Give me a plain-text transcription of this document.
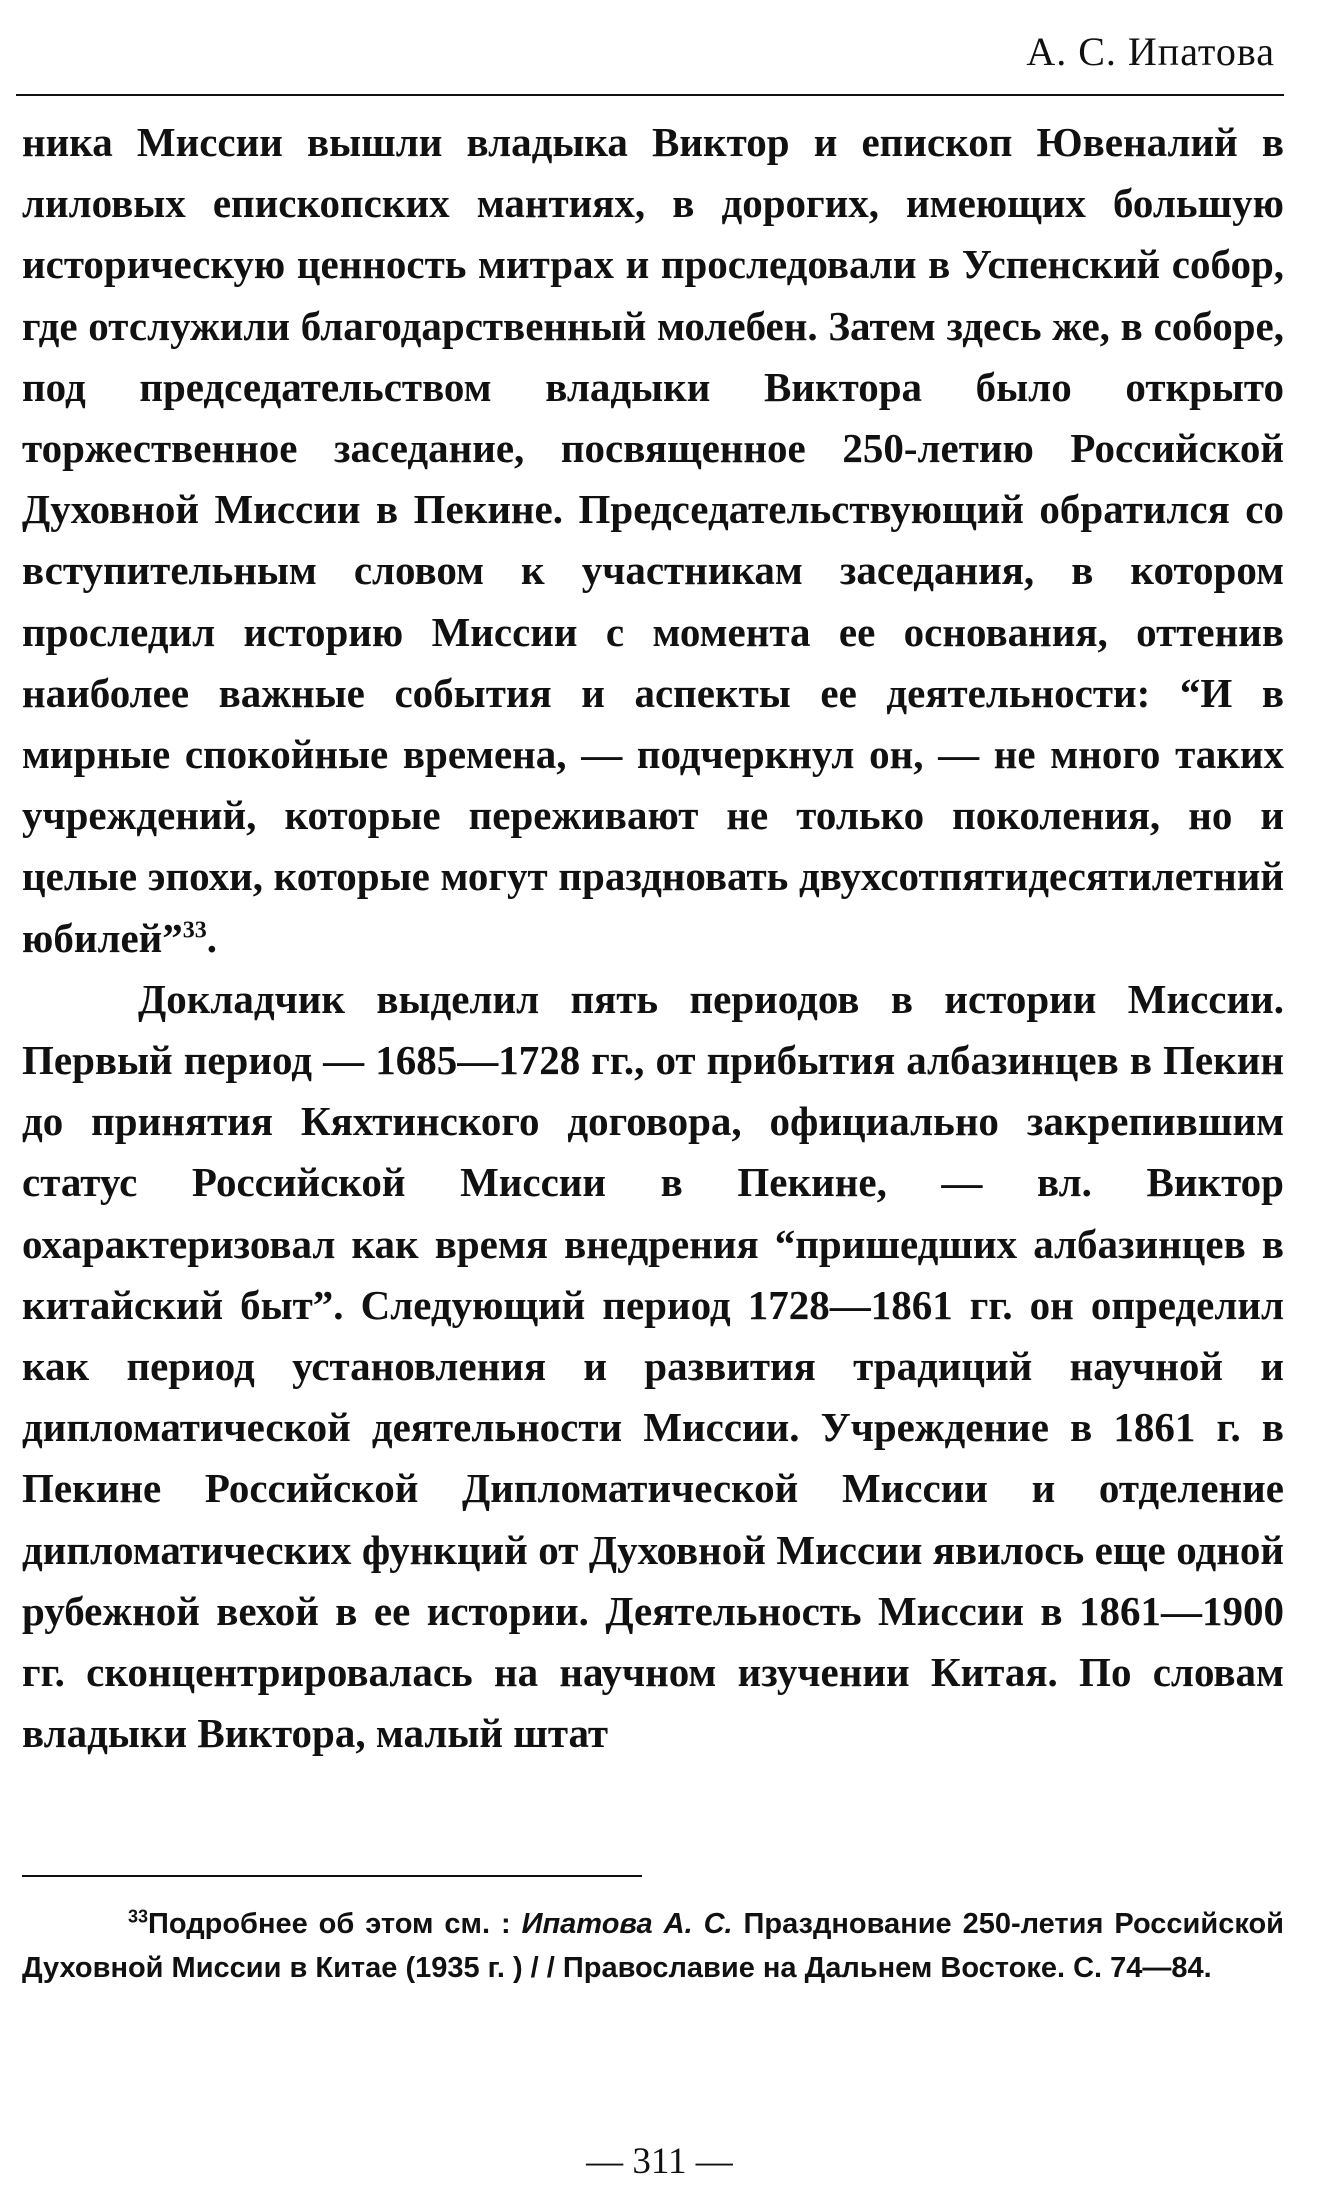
А. С. Ипатова

ника Миссии вышли владыка Виктор и епископ Ювеналий в лиловых епископских мантиях, в дорогих, имеющих большую историческую ценность митрах и проследовали в Успенский собор, где отслужили благодарственный молебен. Затем здесь же, в соборе, под председательством владыки Виктора было открыто торжественное заседание, посвященное 250-летию Российской Духовной Миссии в Пекине. Председательствующий обратился со вступительным словом к участникам заседания, в котором проследил историю Миссии с момента ее основания, оттенив наиболее важные события и аспекты ее деятельности: “И в мирные спокойные времена, — подчеркнул он, — не много таких учреждений, которые переживают не только поколения, но и целые эпохи, которые могут праздновать двухсотпятидесятилетний юбилей”$^{33}$.

Докладчик выделил пять периодов в истории Миссии. Первый период — 1685—1728 гг., от прибытия албазинцев в Пекин до принятия Кяхтинского договора, официально закрепившим статус Российской Миссии в Пекине, — вл. Виктор охарактеризовал как время внедрения “пришедших албазинцев в китайский быт”. Следующий период 1728—1861 гг. он определил как период установления и развития традиций научной и дипломатической деятельности Миссии. Учреждение в 1861 г. в Пекине Российской Дипломатической Миссии и отделение дипломатических функций от Духовной Миссии явилось еще одной рубежной вехой в ее истории. Деятельность Миссии в 1861—1900 гг. сконцентрировалась на научном изучении Китая. По словам владыки Виктора, малый штат

$^{33}$Подробнее об этом см. : Ипатова А. С. Празднование 250-летия Российской Духовной Миссии в Китае (1935 г. ) / / Православие на Дальнем Востоке. С. 74—84.
— 311 —
